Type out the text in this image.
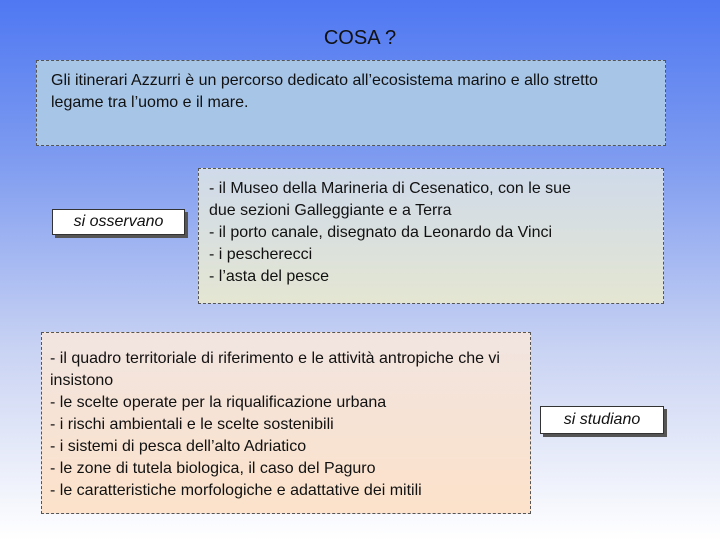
COSA ?
Gli itinerari Azzurri è un percorso dedicato all’ecosistema marino e allo stretto legame tra l’uomo e il mare.
si osservano
- il Museo della Marineria di Cesenatico, con le sue
due sezioni Galleggiante e a Terra
- il porto canale, disegnato da Leonardo da Vinci
- i pescherecci
- l’asta del pesce
- il quadro territoriale di riferimento e le attività antropiche che vi insistono
- le scelte operate per la riqualificazione urbana
- i rischi ambientali e le scelte sostenibili
- i sistemi di pesca dell’alto Adriatico
- le zone di tutela biologica, il caso del Paguro
- le caratteristiche morfologiche e adattative dei mitili
si studiano
